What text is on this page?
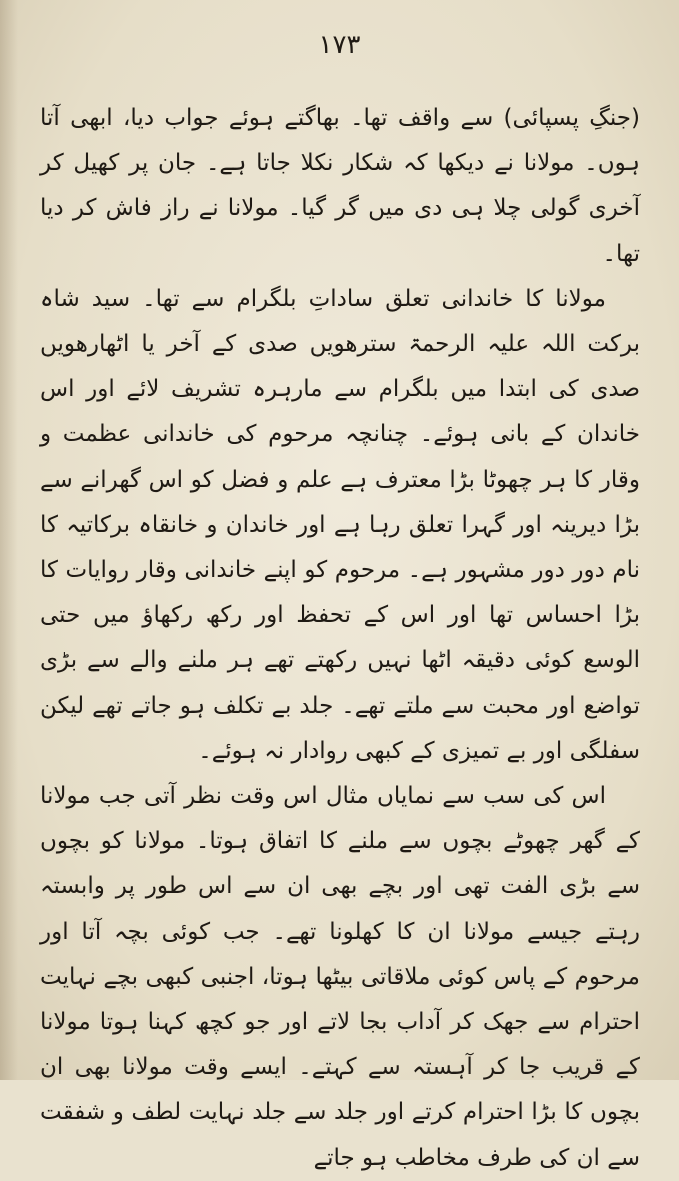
۱۷۳

(جنگِ پسپائی) سے واقف تھا۔ بھاگتے ہوئے جواب دیا، ابھی آتا ہوں۔ مولانا نے دیکھا کہ شکار نکلا جاتا ہے۔ جان پر کھیل کر آخری گولی چلا ہی دی میں گر گیا۔ مولانا نے راز فاش کر دیا تھا۔

مولانا کا خاندانی تعلق ساداتِ بلگرام سے تھا۔ سید شاہ برکت اللہ علیہ الرحمۃ سترھویں صدی کے آخر یا اٹھارھویں صدی کی ابتدا میں بلگرام سے مارہرہ تشریف لائے اور اس خاندان کے بانی ہوئے۔ چنانچہ مرحوم کی خاندانی عظمت و وقار کا ہر چھوٹا بڑا معترف ہے علم و فضل کو اس گھرانے سے بڑا دیرینہ اور گہرا تعلق رہا ہے اور خاندان و خانقاہ برکاتیہ کا نام دور دور مشہور ہے۔ مرحوم کو اپنے خاندانی وقار روایات کا بڑا احساس تھا اور اس کے تحفظ اور رکھ رکھاؤ میں حتی الوسع کوئی دقیقہ اٹھا نہیں رکھتے تھے ہر ملنے والے سے بڑی تواضع اور محبت سے ملتے تھے۔ جلد بے تکلف ہو جاتے تھے لیکن سفلگی اور بے تمیزی کے کبھی روادار نہ ہوئے۔

اس کی سب سے نمایاں مثال اس وقت نظر آتی جب مولانا کے گھر چھوٹے بچوں سے ملنے کا اتفاق ہوتا۔ مولانا کو بچوں سے بڑی الفت تھی اور بچے بھی ان سے اس طور پر وابستہ رہتے جیسے مولانا ان کا کھلونا تھے۔ جب کوئی بچہ آتا اور مرحوم کے پاس کوئی ملاقاتی بیٹھا ہوتا، اجنبی کبھی بچے نہایت احترام سے جھک کر آداب بجا لاتے اور جو کچھ کہنا ہوتا مولانا کے قریب جا کر آہستہ سے کہتے۔ ایسے وقت مولانا بھی ان بچوں کا بڑا احترام کرتے اور جلد سے جلد نہایت لطف و شفقت سے ان کی طرف مخاطب ہو جاتے
